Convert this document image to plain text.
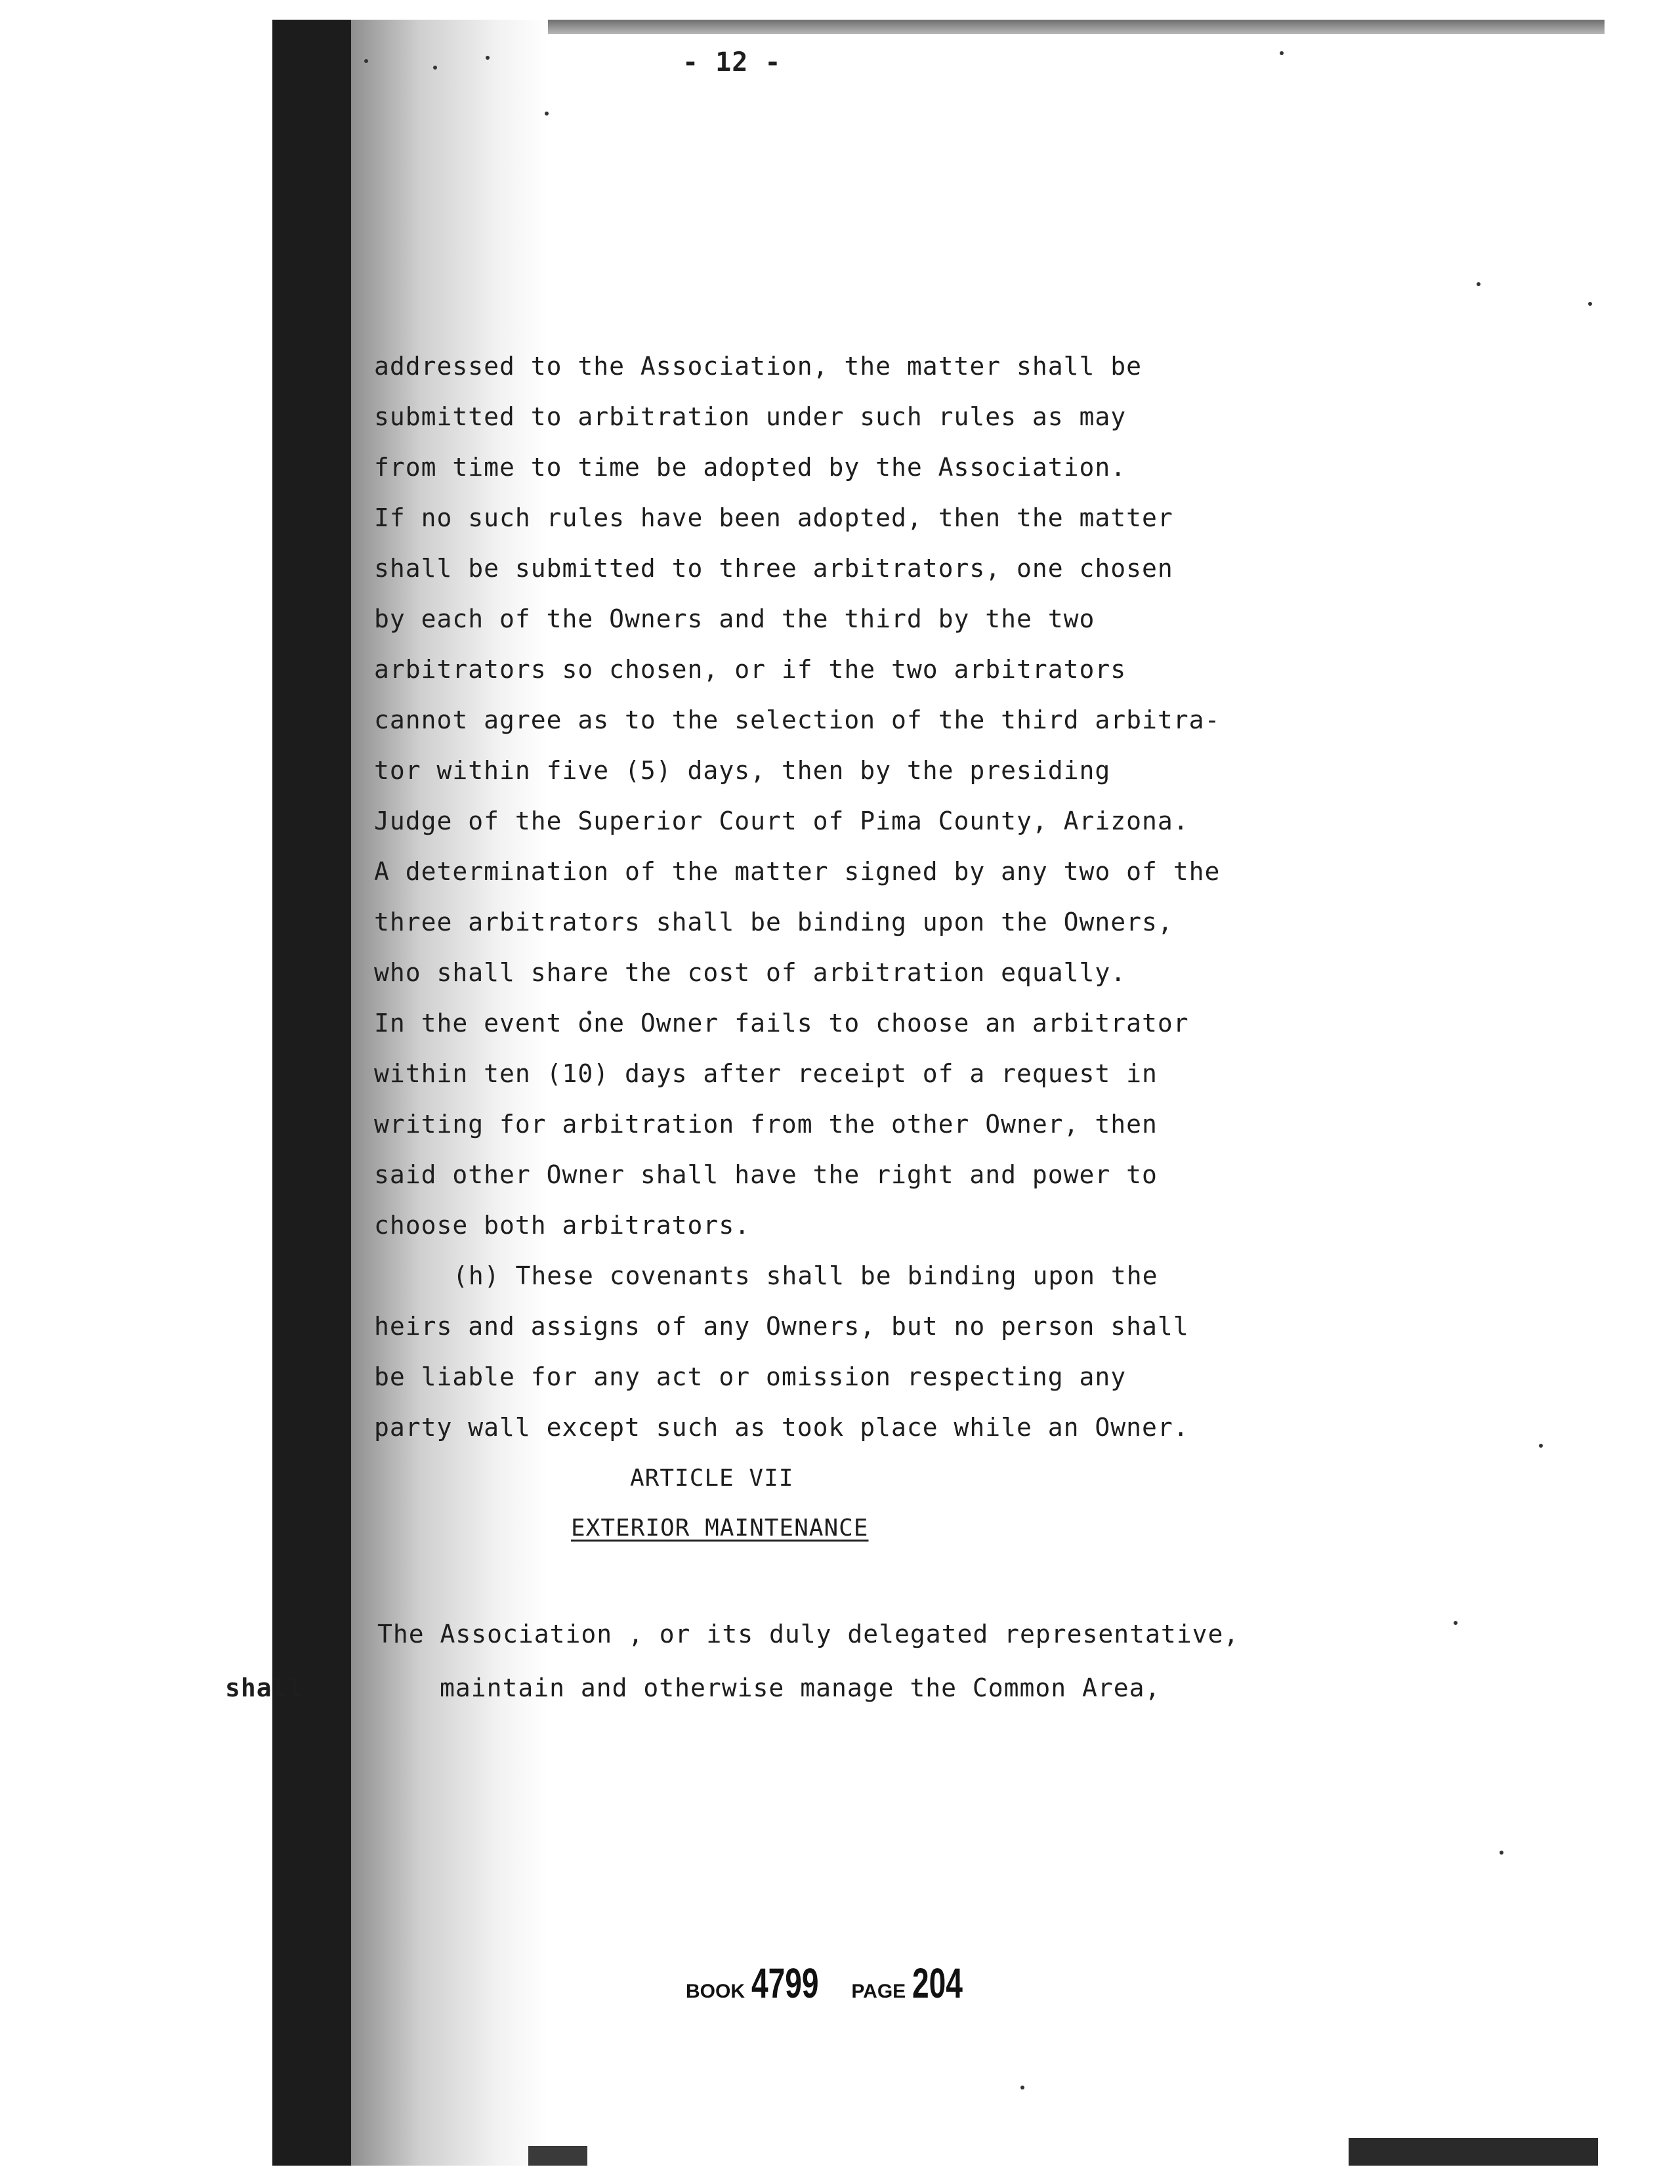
- 12 -
addressed to the Association, the matter shall be
submitted to arbitration under such rules as may
from time to time be adopted by the Association.
If no such rules have been adopted, then the matter
shall be submitted to three arbitrators, one chosen
by each of the Owners and the third by the two
arbitrators so chosen, or if the two arbitrators
cannot agree as to the selection of the third arbitra-
tor within five (5) days, then by the presiding
Judge of the Superior Court of Pima County, Arizona.
A determination of the matter signed by any two of the
three arbitrators shall be binding upon the Owners,
who shall share the cost of arbitration equally.
In the event one Owner fails to choose an arbitrator
within ten (10) days after receipt of a request in
writing for arbitration from the other Owner, then
said other Owner shall have the right and power to
choose both arbitrators.
(h) These covenants shall be binding upon the
heirs and assigns of any Owners, but no person shall
be liable for any act or omission respecting any
party wall except such as took place while an Owner.
ARTICLE VII
EXTERIOR MAINTENANCE
The Association , or its duly delegated representative,
shall	maintain and otherwise manage the Common Area,
BOOK 4799 PAGE 204
